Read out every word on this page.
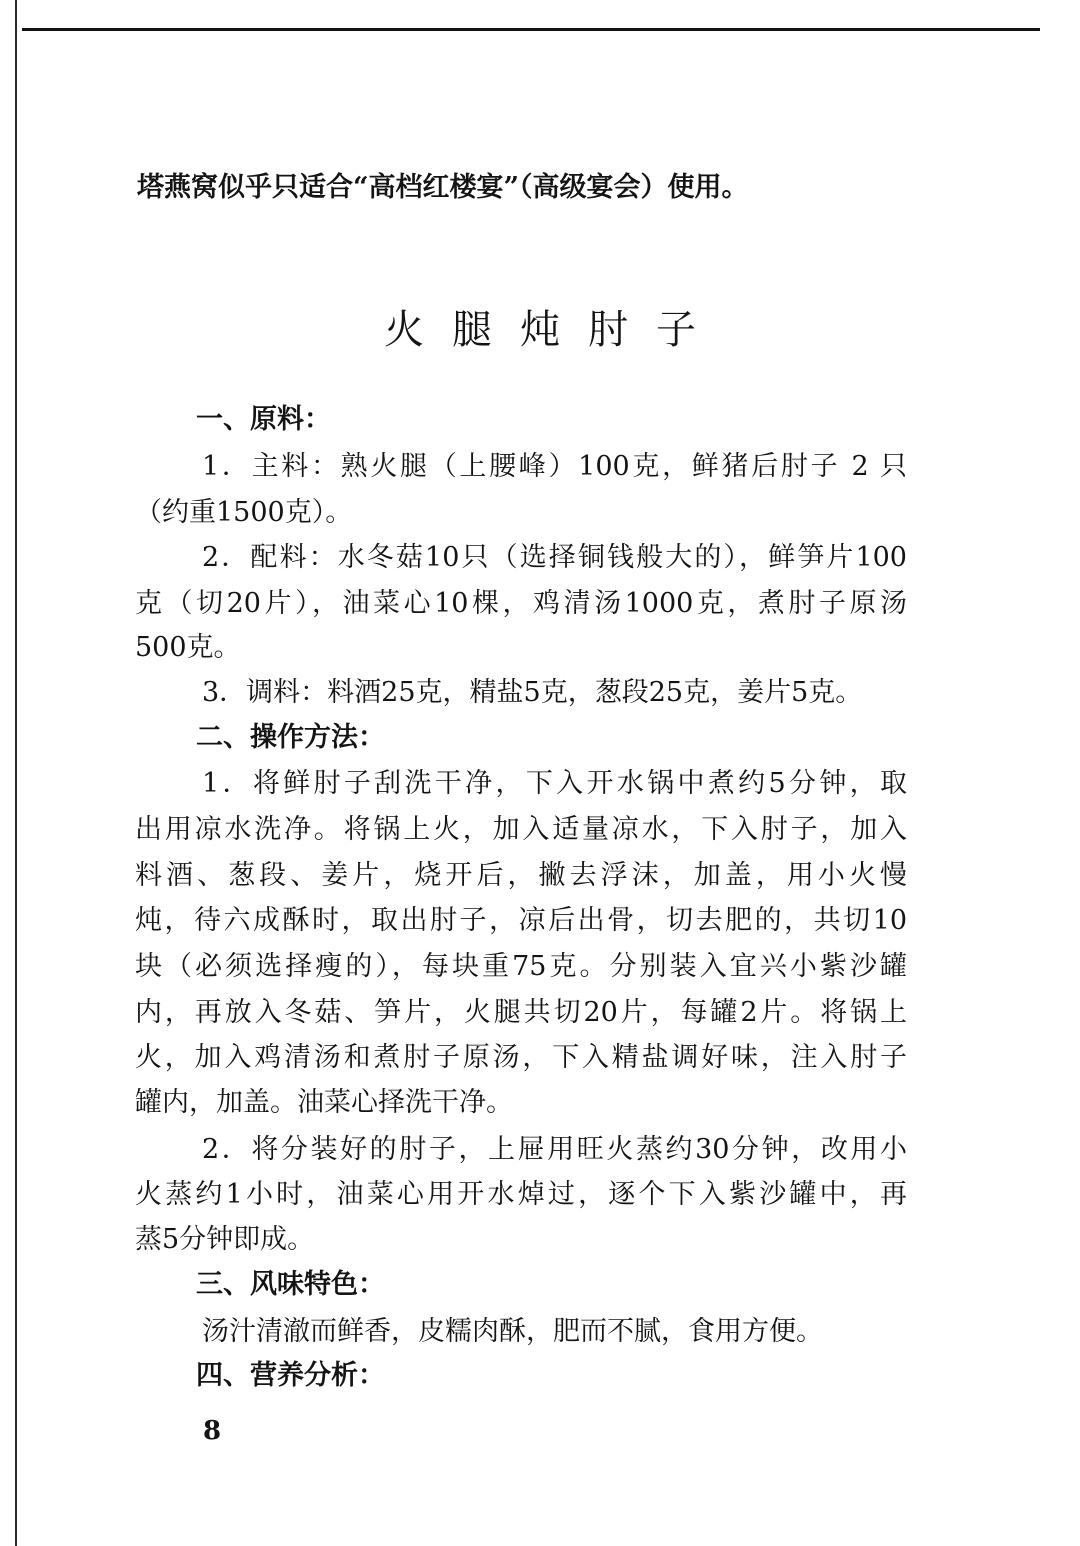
塔燕窝似乎只适合“高档红楼宴”（高级宴会）使用。

火腿炖肘子

一、原料：

1．主料：熟火腿（上腰峰）100克，鲜猪后肘子 2 只

（约重1500克）。

2．配料：水冬菇10只（选择铜钱般大的），鲜笋片100

克（切20片），油菜心10棵，鸡清汤1000克，煮肘子原汤

500克。

3．调料：料酒25克，精盐5克，葱段25克，姜片5克。

二、操作方法：

1．将鲜肘子刮洗干净，下入开水锅中煮约5分钟，取

出用凉水洗净。将锅上火，加入适量凉水，下入肘子，加入

料酒、葱段、姜片，烧开后，撇去浮沫，加盖，用小火慢

炖，待六成酥时，取出肘子，凉后出骨，切去肥的，共切10

块（必须选择瘦的），每块重75克。分别装入宜兴小紫沙罐

内，再放入冬菇、笋片，火腿共切20片，每罐2片。将锅上

火，加入鸡清汤和煮肘子原汤，下入精盐调好味，注入肘子

罐内，加盖。油菜心择洗干净。

2．将分装好的肘子，上屉用旺火蒸约30分钟，改用小

火蒸约1小时，油菜心用开水焯过，逐个下入紫沙罐中，再

蒸5分钟即成。

三、风味特色：

汤汁清澈而鲜香，皮糯肉酥，肥而不腻，食用方便。

四、营养分析：

8
